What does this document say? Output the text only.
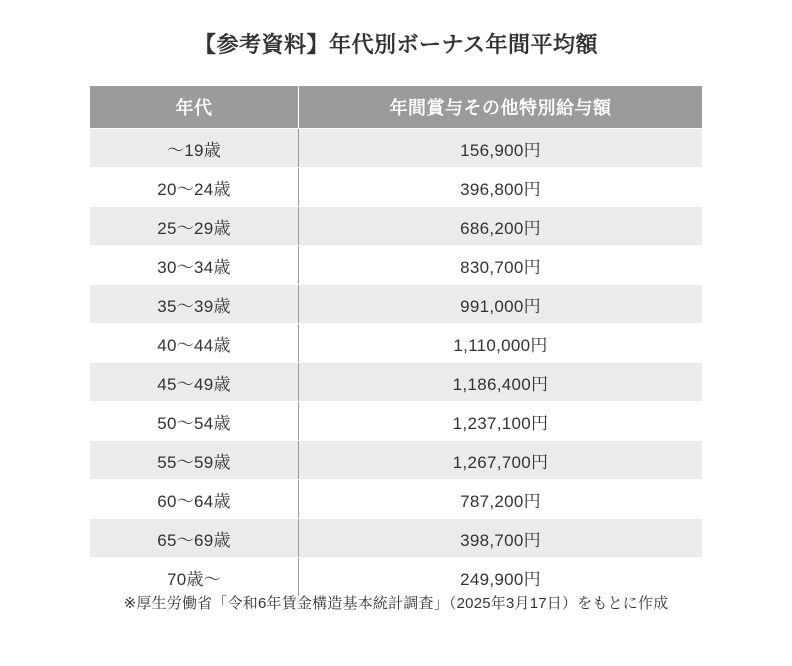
【参考資料】年代別ボーナス年間平均額
年代	年間賞与その他特別給与額
〜19歳	156,900円
20〜24歳	396,800円
25〜29歳	686,200円
30〜34歳	830,700円
35〜39歳	991,000円
40〜44歳	1,110,000円
45〜49歳	1,186,400円
50〜54歳	1,237,100円
55〜59歳	1,267,700円
60〜64歳	787,200円
65〜69歳	398,700円
70歳〜	249,900円
※厚生労働省「令和6年賃金構造基本統計調査」（2025年3月17日）をもとに作成
